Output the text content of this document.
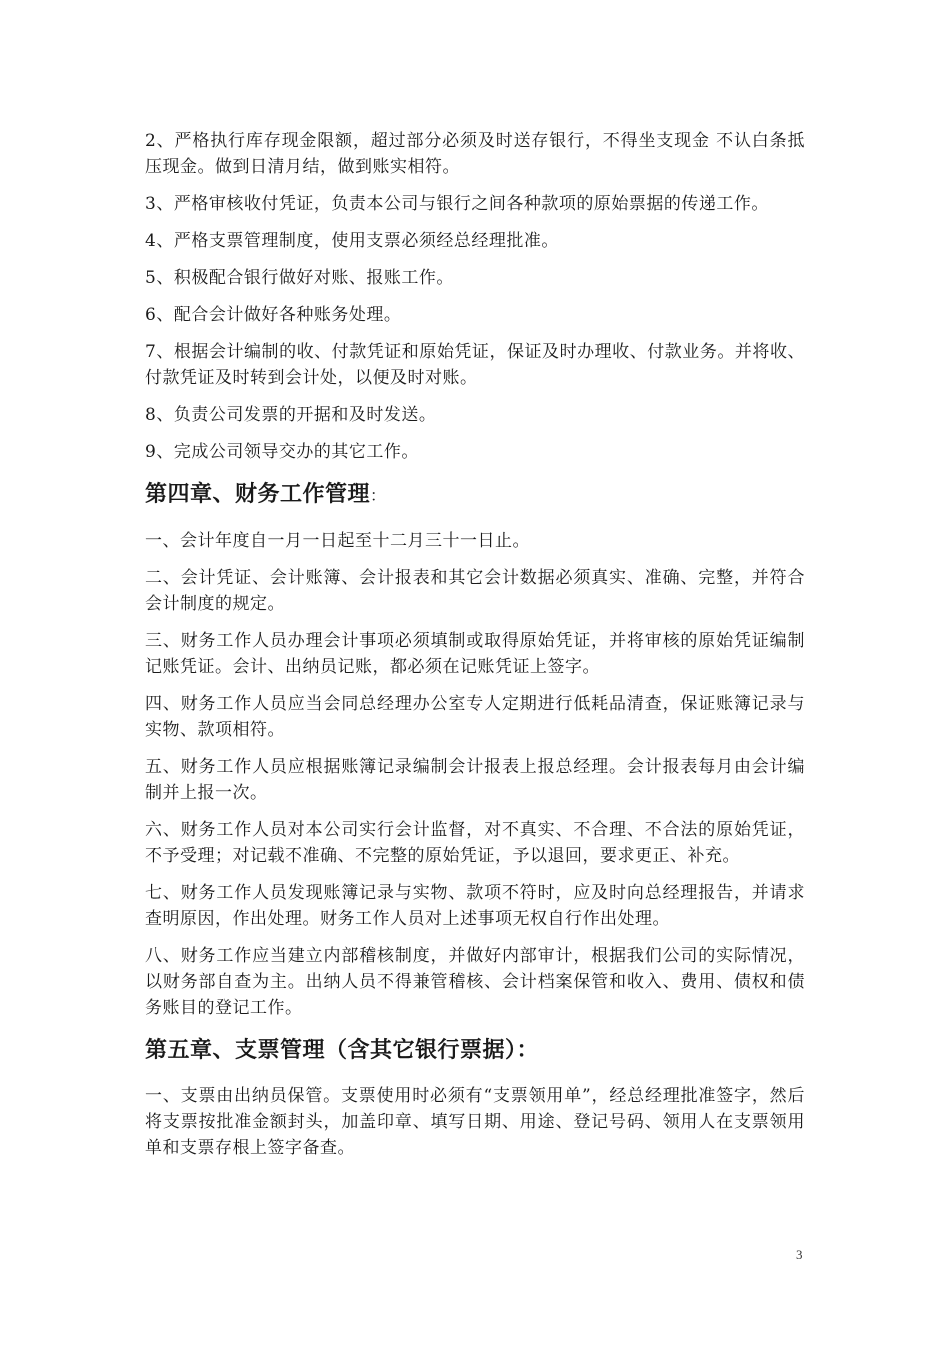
2、严格执行库存现金限额，超过部分必须及时送存银行，不得坐支现金 不认白条抵压现金。做到日清月结，做到账实相符。

3、严格审核收付凭证，负责本公司与银行之间各种款项的原始票据的传递工作。

4、严格支票管理制度，使用支票必须经总经理批准。

5、积极配合银行做好对账、报账工作。

6、配合会计做好各种账务处理。

7、根据会计编制的收、付款凭证和原始凭证，保证及时办理收、付款业务。并将收、付款凭证及时转到会计处，以便及时对账。

8、负责公司发票的开据和及时发送。

9、完成公司领导交办的其它工作。

第四章、财务工作管理：

一、会计年度自一月一日起至十二月三十一日止。

二、会计凭证、会计账簿、会计报表和其它会计数据必须真实、准确、完整，并符合会计制度的规定。

三、财务工作人员办理会计事项必须填制或取得原始凭证，并将审核的原始凭证编制记账凭证。会计、出纳员记账，都必须在记账凭证上签字。

四、财务工作人员应当会同总经理办公室专人定期进行低耗品清查，保证账簿记录与实物、款项相符。

五、财务工作人员应根据账簿记录编制会计报表上报总经理。会计报表每月由会计编制并上报一次。

六、财务工作人员对本公司实行会计监督，对不真实、不合理、不合法的原始凭证，不予受理；对记载不准确、不完整的原始凭证，予以退回，要求更正、补充。

七、财务工作人员发现账簿记录与实物、款项不符时，应及时向总经理报告，并请求查明原因，作出处理。财务工作人员对上述事项无权自行作出处理。

八、财务工作应当建立内部稽核制度，并做好内部审计，根据我们公司的实际情况，以财务部自查为主。出纳人员不得兼管稽核、会计档案保管和收入、费用、债权和债务账目的登记工作。

第五章、支票管理（含其它银行票据）：

一、支票由出纳员保管。支票使用时必须有“支票领用单”，经总经理批准签字，然后将支票按批准金额封头，加盖印章、填写日期、用途、登记号码、领用人在支票领用单和支票存根上签字备查。

3
